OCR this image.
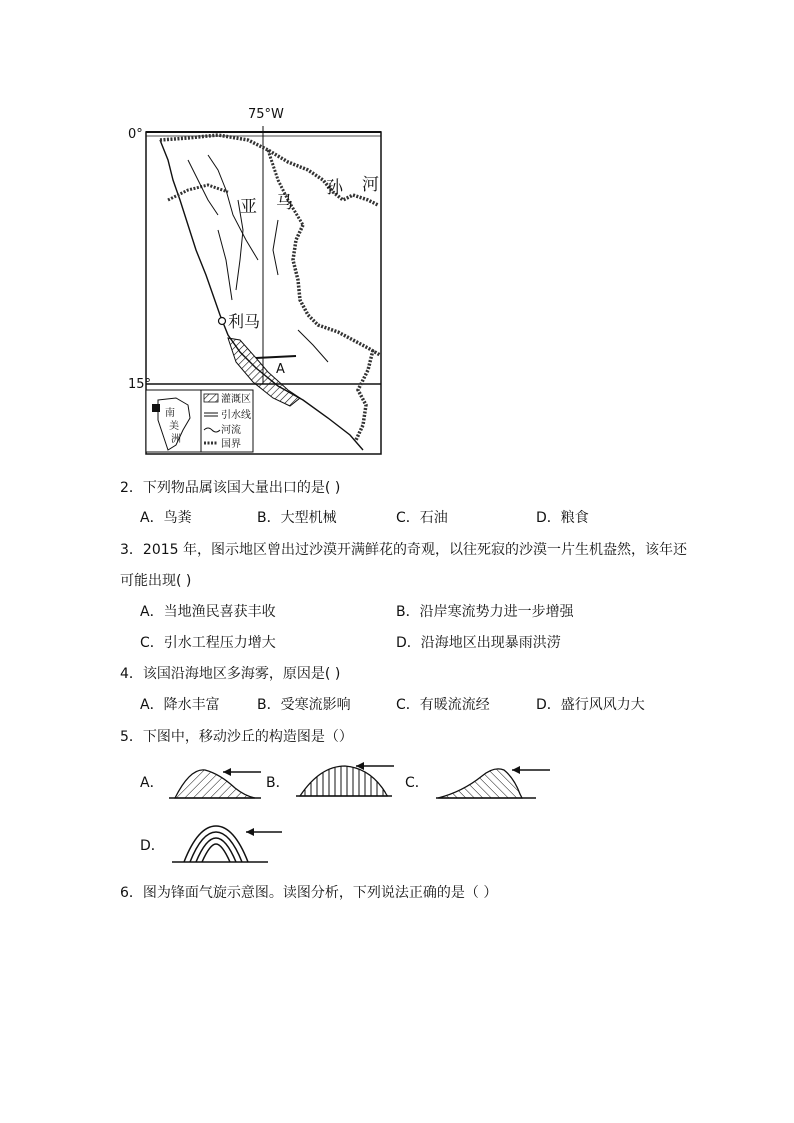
75°W
0°
15°
亚 马
孙 河
利马
A
南
美
洲
灌溉区
引水线
河流
国界
2．下列物品属该国大量出口的是( )
A．鸟粪	B．大型机械	C．石油	D．粮食
3．2015 年，图示地区曾出过沙漠开满鲜花的奇观，以往死寂的沙漠一片生机盎然，该年还
可能出现( )
A．当地渔民喜获丰收	B．沿岸寒流势力进一步增强
C．引水工程压力增大	D．沿海地区出现暴雨洪涝
4．该国沿海地区多海雾，原因是( )
A．降水丰富	B．受寒流影响	C．有暖流流经	D．盛行风风力大
5．下图中，移动沙丘的构造图是（）
A．	B．	C．
D．
6．图为锋面气旋示意图。读图分析，下列说法正确的是（ ）
